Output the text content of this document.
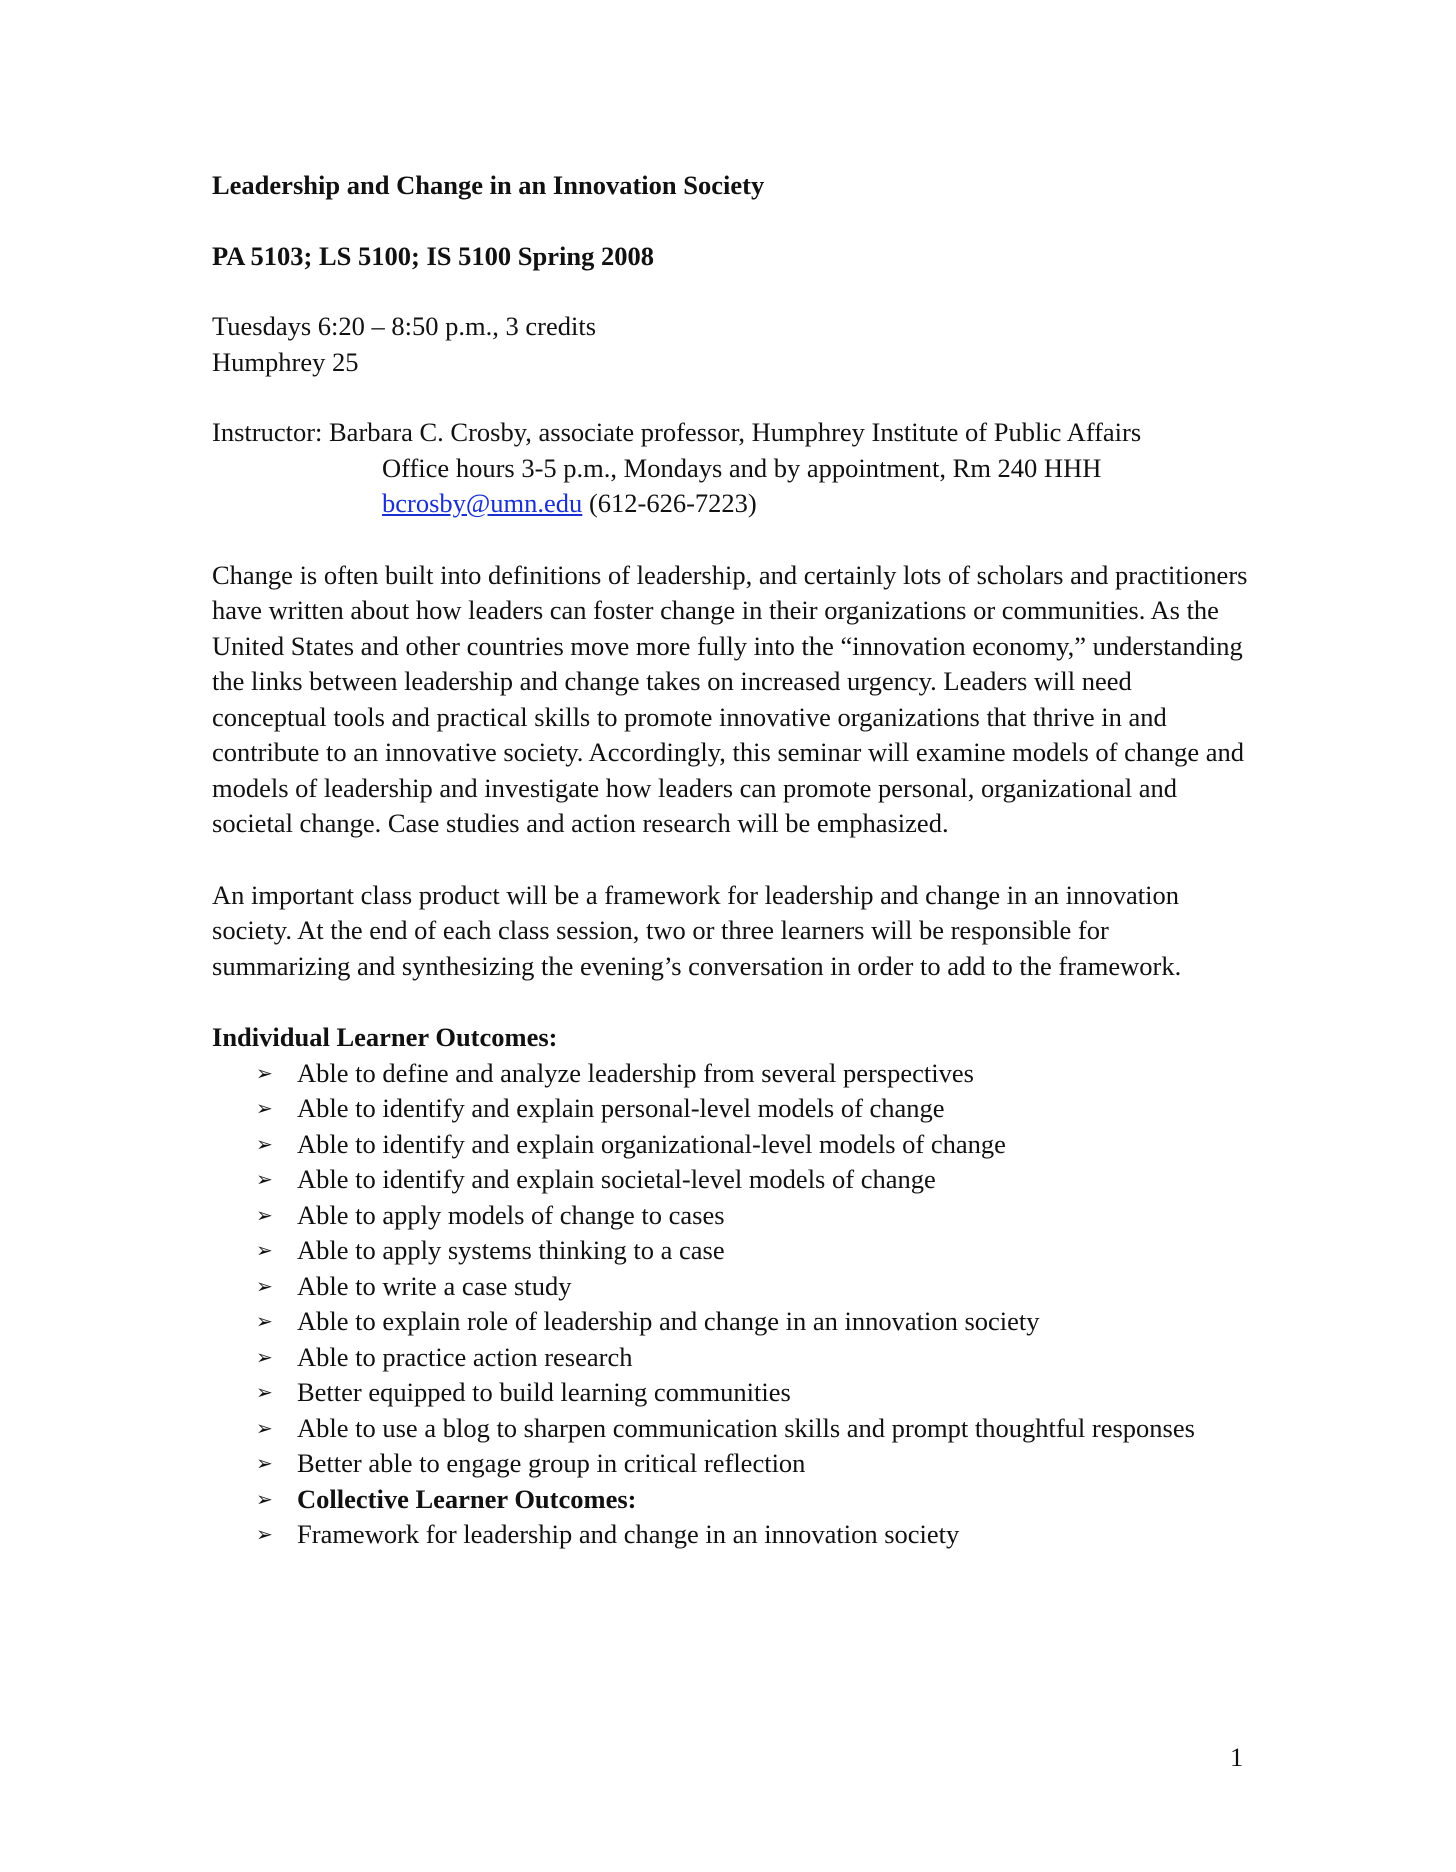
Leadership and Change in an Innovation Society
PA 5103; LS 5100; IS 5100 Spring 2008
Tuesdays 6:20 – 8:50 p.m., 3 credits
Humphrey 25
Instructor: Barbara C. Crosby, associate professor, Humphrey Institute of Public Affairs
Office hours 3-5 p.m., Mondays and by appointment, Rm 240 HHH
bcrosby@umn.edu (612-626-7223)
Change is often built into definitions of leadership, and certainly lots of scholars and practitioners have written about how leaders can foster change in their organizations or communities. As the United States and other countries move more fully into the “innovation economy,” understanding the links between leadership and change takes on increased urgency. Leaders will need conceptual tools and practical skills to promote innovative organizations that thrive in and contribute to an innovative society. Accordingly, this seminar will examine models of change and models of leadership and investigate how leaders can promote personal, organizational and societal change. Case studies and action research will be emphasized.
An important class product will be a framework for leadership and change in an innovation society. At the end of each class session, two or three learners will be responsible for summarizing and synthesizing the evening’s conversation in order to add to the framework.
Individual Learner Outcomes:
➢ Able to define and analyze leadership from several perspectives
➢ Able to identify and explain personal-level models of change
➢ Able to identify and explain organizational-level models of change
➢ Able to identify and explain societal-level models of change
➢ Able to apply models of change to cases
➢ Able to apply systems thinking to a case
➢ Able to write a case study
➢ Able to explain role of leadership and change in an innovation society
➢ Able to practice action research
➢ Better equipped to build learning communities
➢ Able to use a blog to sharpen communication skills and prompt thoughtful responses
➢ Better able to engage group in critical reflection
➢ Collective Learner Outcomes:
➢ Framework for leadership and change in an innovation society
1
